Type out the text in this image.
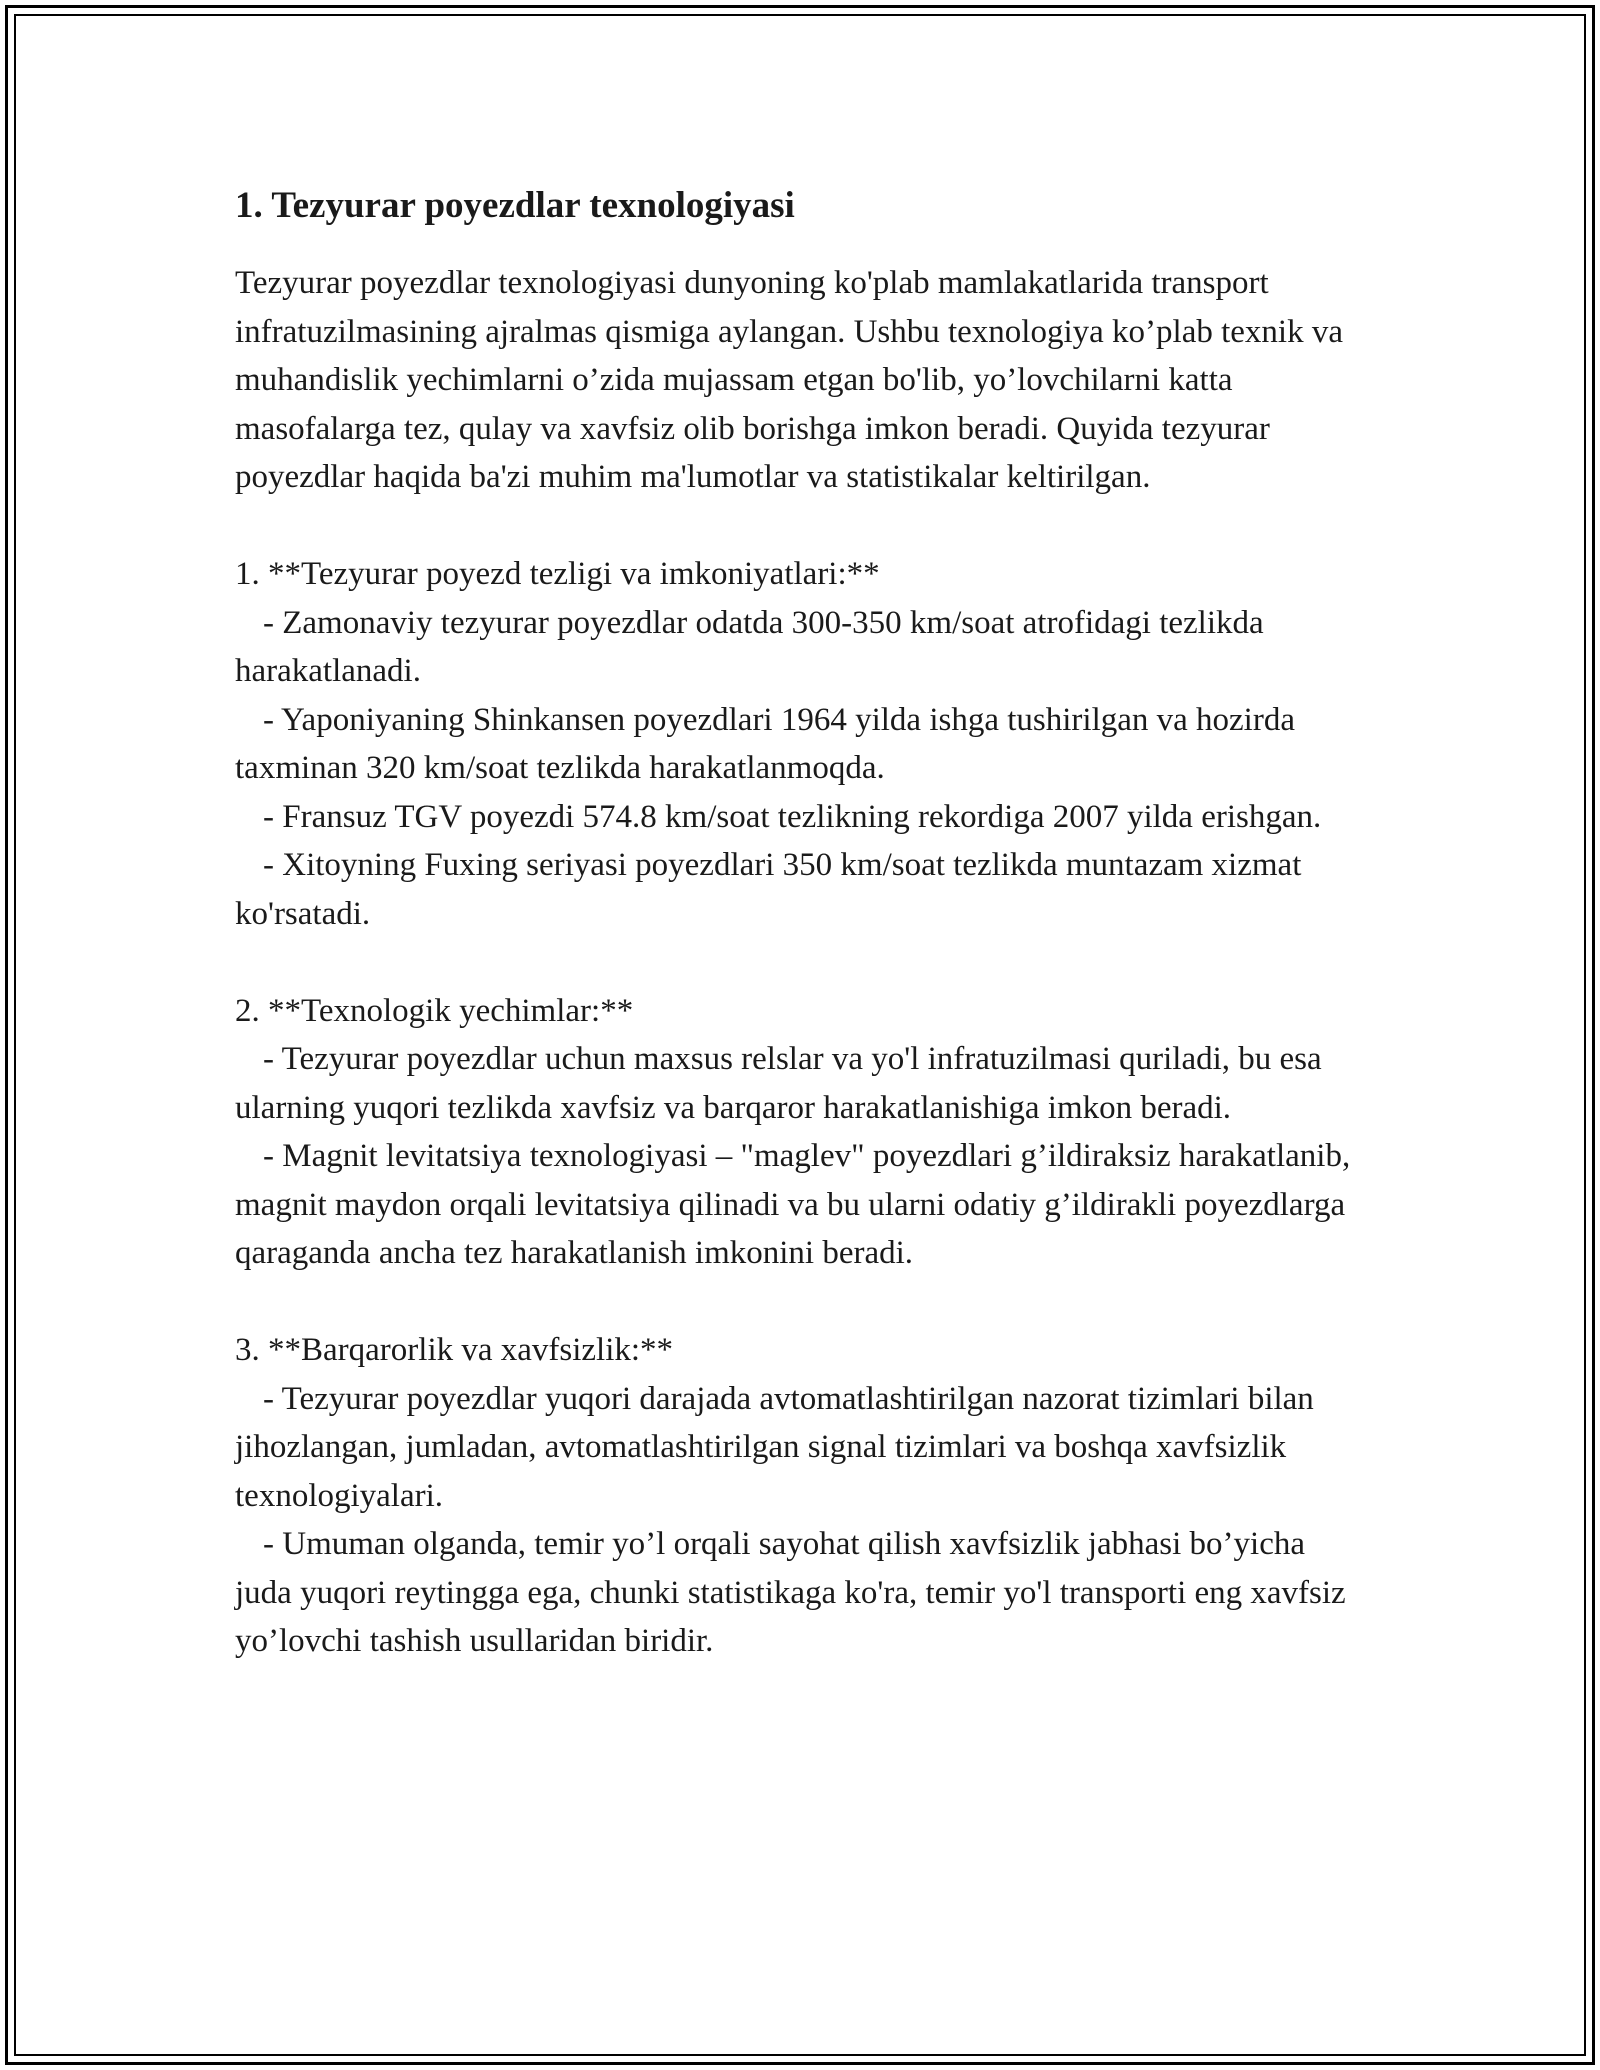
1. Tezyurar poyezdlar texnologiyasi

Tezyurar poyezdlar texnologiyasi dunyoning ko'plab mamlakatlarida transport infratuzilmasining ajralmas qismiga aylangan. Ushbu texnologiya ko’plab texnik va muhandislik yechimlarni o’zida mujassam etgan bo'lib, yo’lovchilarni katta masofalarga tez, qulay va xavfsiz olib borishga imkon beradi. Quyida tezyurar poyezdlar haqida ba'zi muhim ma'lumotlar va statistikalar keltirilgan.

1. **Tezyurar poyezd tezligi va imkoniyatlari:**

- Zamonaviy tezyurar poyezdlar odatda 300-350 km/soat atrofidagi tezlikda harakatlanadi.

- Yaponiyaning Shinkansen poyezdlari 1964 yilda ishga tushirilgan va hozirda taxminan 320 km/soat tezlikda harakatlanmoqda.

- Fransuz TGV poyezdi 574.8 km/soat tezlikning rekordiga 2007 yilda erishgan.

- Xitoyning Fuxing seriyasi poyezdlari 350 km/soat tezlikda muntazam xizmat ko'rsatadi.

2. **Texnologik yechimlar:**

- Tezyurar poyezdlar uchun maxsus relslar va yo'l infratuzilmasi quriladi, bu esa ularning yuqori tezlikda xavfsiz va barqaror harakatlanishiga imkon beradi.

- Magnit levitatsiya texnologiyasi – "maglev" poyezdlari g’ildiraksiz harakatlanib, magnit maydon orqali levitatsiya qilinadi va bu ularni odatiy g’ildirakli poyezdlarga qaraganda ancha tez harakatlanish imkonini beradi.

3. **Barqarorlik va xavfsizlik:**

- Tezyurar poyezdlar yuqori darajada avtomatlashtirilgan nazorat tizimlari bilan jihozlangan, jumladan, avtomatlashtirilgan signal tizimlari va boshqa xavfsizlik texnologiyalari.

- Umuman olganda, temir yo’l orqali sayohat qilish xavfsizlik jabhasi bo’yicha juda yuqori reytingga ega, chunki statistikaga ko'ra, temir yo'l transporti eng xavfsiz yo’lovchi tashish usullaridan biridir.
